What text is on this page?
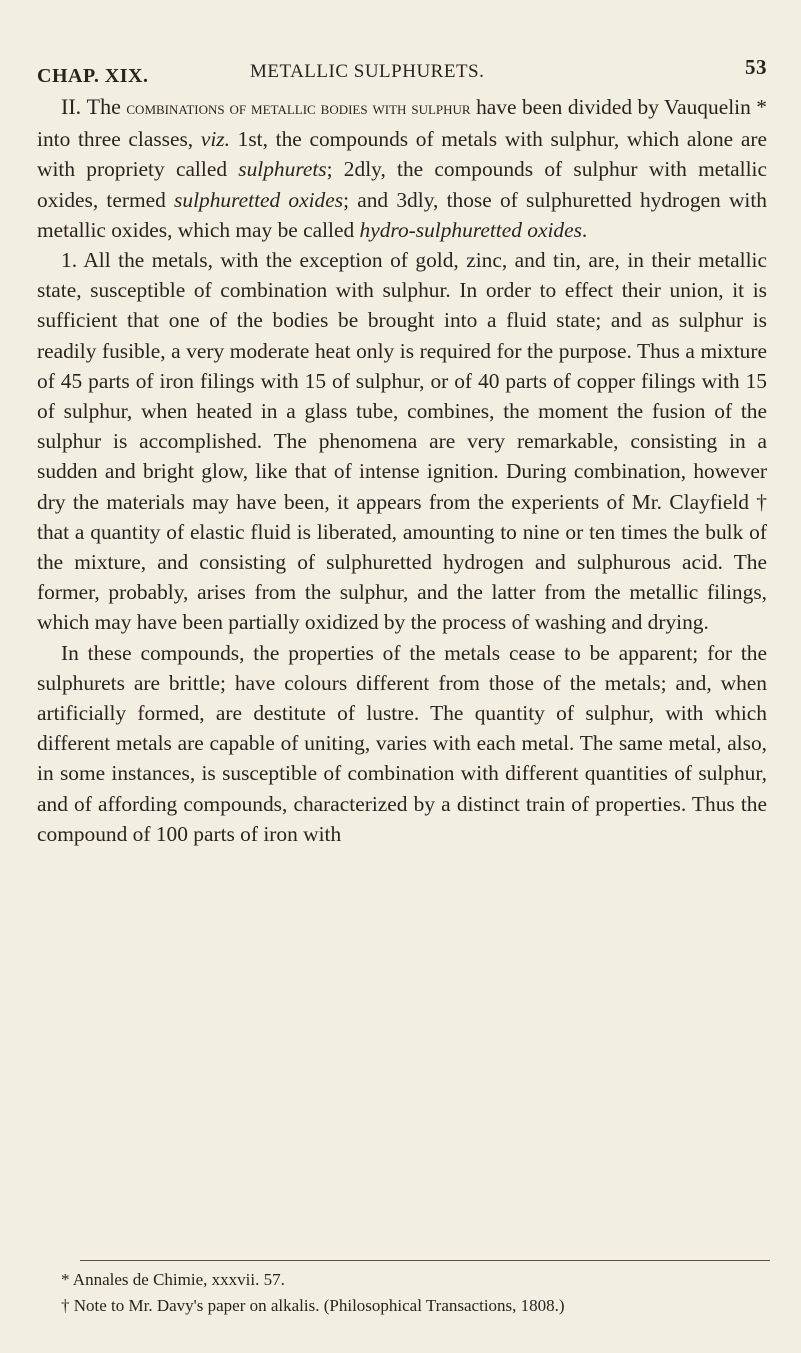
CHAP. XIX.	METALLIC SULPHURETS.	53

II. The combinations of metallic bodies with sulphur have been divided by Vauquelin * into three classes, viz. 1st, the compounds of metals with sulphur, which alone are with propriety called sulphurets; 2dly, the compounds of sulphur with metallic oxides, termed sulphuretted oxides; and 3dly, those of sulphuretted hydrogen with metallic oxides, which may be called hydro-sulphuretted oxides.

1. All the metals, with the exception of gold, zinc, and tin, are, in their metallic state, susceptible of combination with sulphur. In order to effect their union, it is sufficient that one of the bodies be brought into a fluid state; and as sulphur is readily fusible, a very moderate heat only is required for the purpose. Thus a mixture of 45 parts of iron filings with 15 of sulphur, or of 40 parts of copper filings with 15 of sulphur, when heated in a glass tube, combines, the moment the fusion of the sulphur is accomplished. The phenomena are very remarkable, consisting in a sudden and bright glow, like that of intense ignition. During combination, however dry the materials may have been, it appears from the experients of Mr. Clayfield † that a quantity of elastic fluid is liberated, amounting to nine or ten times the bulk of the mixture, and consisting of sulphuretted hydrogen and sulphurous acid. The former, probably, arises from the sulphur, and the latter from the metallic filings, which may have been partially oxidized by the process of washing and drying.

In these compounds, the properties of the metals cease to be apparent; for the sulphurets are brittle; have colours different from those of the metals; and, when artificially formed, are destitute of lustre. The quantity of sulphur, with which different metals are capable of uniting, varies with each metal. The same metal, also, in some instances, is susceptible of combination with different quantities of sulphur, and of affording compounds, characterized by a distinct train of properties. Thus the compound of 100 parts of iron with

* Annales de Chimie, xxxvii. 57.

† Note to Mr. Davy's paper on alkalis. (Philosophical Transactions, 1808.)
